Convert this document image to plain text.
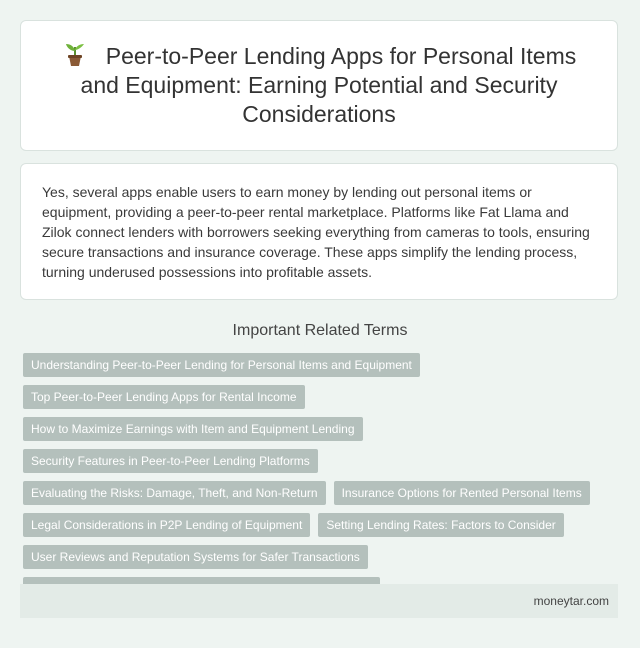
Peer-to-Peer Lending Apps for Personal Items and Equipment: Earning Potential and Security Considerations

Yes, several apps enable users to earn money by lending out personal items or equipment, providing a peer-to-peer rental marketplace. Platforms like Fat Llama and Zilok connect lenders with borrowers seeking everything from cameras to tools, ensuring secure transactions and insurance coverage. These apps simplify the lending process, turning underused possessions into profitable assets.

Important Related Terms
Understanding Peer-to-Peer Lending for Personal Items and Equipment
Top Peer-to-Peer Lending Apps for Rental Income
How to Maximize Earnings with Item and Equipment Lending
Security Features in Peer-to-Peer Lending Platforms
Evaluating the Risks: Damage, Theft, and Non-Return	Insurance Options for Rented Personal Items
Legal Considerations in P2P Lending of Equipment	Setting Lending Rates: Factors to Consider
User Reviews and Reputation Systems for Safer Transactions
moneytar.com
